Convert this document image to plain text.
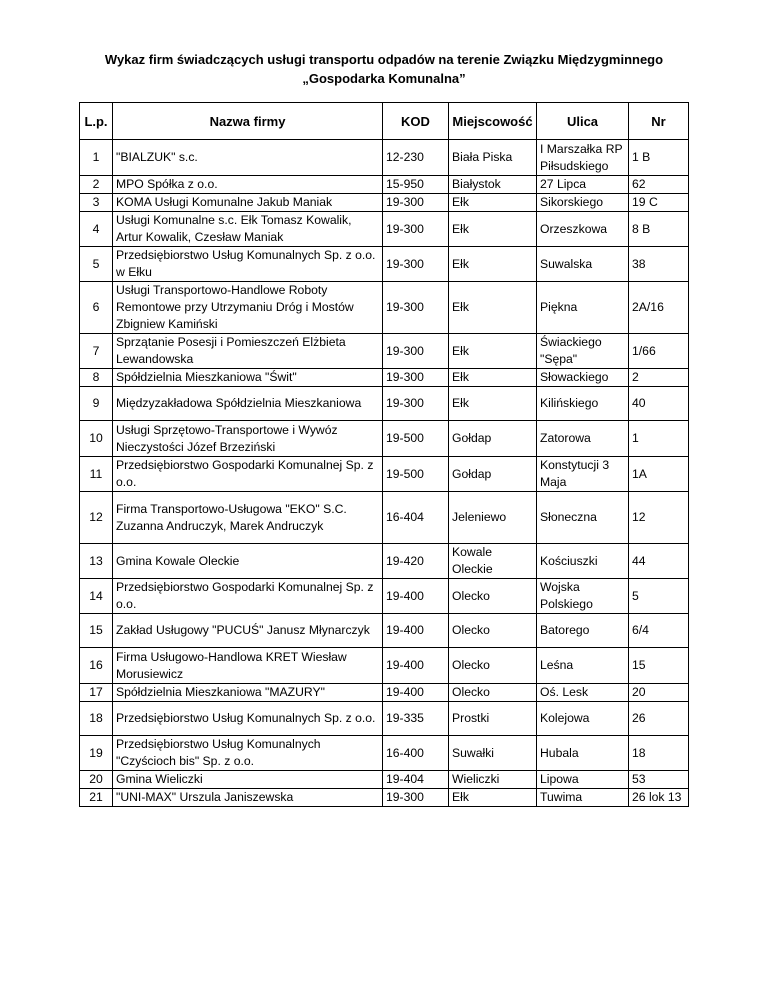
Wykaz firm świadczących usługi transportu odpadów na terenie Związku Międzygminnego
„Gospodarka Komunalna”
L.p.	Nazwa firmy	KOD	Miejscowość	Ulica	Nr
1	"BIALZUK" s.c.	12-230	Biała Piska	I Marszałka RP Piłsudskiego	1 B
2	MPO Spółka z o.o.	15-950	Białystok	27 Lipca	62
3	KOMA Usługi Komunalne Jakub Maniak	19-300	Ełk	Sikorskiego	19 C
4	Usługi Komunalne s.c. Ełk Tomasz Kowalik, Artur Kowalik, Czesław Maniak	19-300	Ełk	Orzeszkowa	8 B
5	Przedsiębiorstwo Usług Komunalnych Sp. z o.o. w Ełku	19-300	Ełk	Suwalska	38
6	Usługi Transportowo-Handlowe Roboty Remontowe przy Utrzymaniu Dróg i Mostów Zbigniew Kamiński	19-300	Ełk	Piękna	2A/16
7	Sprzątanie Posesji i Pomieszczeń Elżbieta Lewandowska	19-300	Ełk	Świackiego "Sępa"	1/66
8	Spółdzielnia Mieszkaniowa "Świt"	19-300	Ełk	Słowackiego	2
9	Międzyzakładowa Spółdzielnia Mieszkaniowa	19-300	Ełk	Kilińskiego	40
10	Usługi Sprzętowo-Transportowe i Wywóz Nieczystości Józef Brzeziński	19-500	Gołdap	Zatorowa	1
11	Przedsiębiorstwo Gospodarki Komunalnej Sp. z o.o.	19-500	Gołdap	Konstytucji 3 Maja	1A
12	Firma Transportowo-Usługowa "EKO" S.C. Zuzanna Andruczyk, Marek Andruczyk	16-404	Jeleniewo	Słoneczna	12
13	Gmina Kowale Oleckie	19-420	Kowale Oleckie	Kościuszki	44
14	Przedsiębiorstwo Gospodarki Komunalnej Sp. z o.o.	19-400	Olecko	Wojska Polskiego	5
15	Zakład Usługowy "PUCUŚ" Janusz Młynarczyk	19-400	Olecko	Batorego	6/4
16	Firma Usługowo-Handlowa KRET Wiesław Morusiewicz	19-400	Olecko	Leśna	15
17	Spółdzielnia Mieszkaniowa "MAZURY"	19-400	Olecko	Oś. Lesk	20
18	Przedsiębiorstwo Usług Komunalnych Sp. z o.o.	19-335	Prostki	Kolejowa	26
19	Przedsiębiorstwo Usług Komunalnych "Czyścioch bis" Sp. z o.o.	16-400	Suwałki	Hubala	18
20	Gmina Wieliczki	19-404	Wieliczki	Lipowa	53
21	"UNI-MAX" Urszula Janiszewska	19-300	Ełk	Tuwima	26 lok 13
